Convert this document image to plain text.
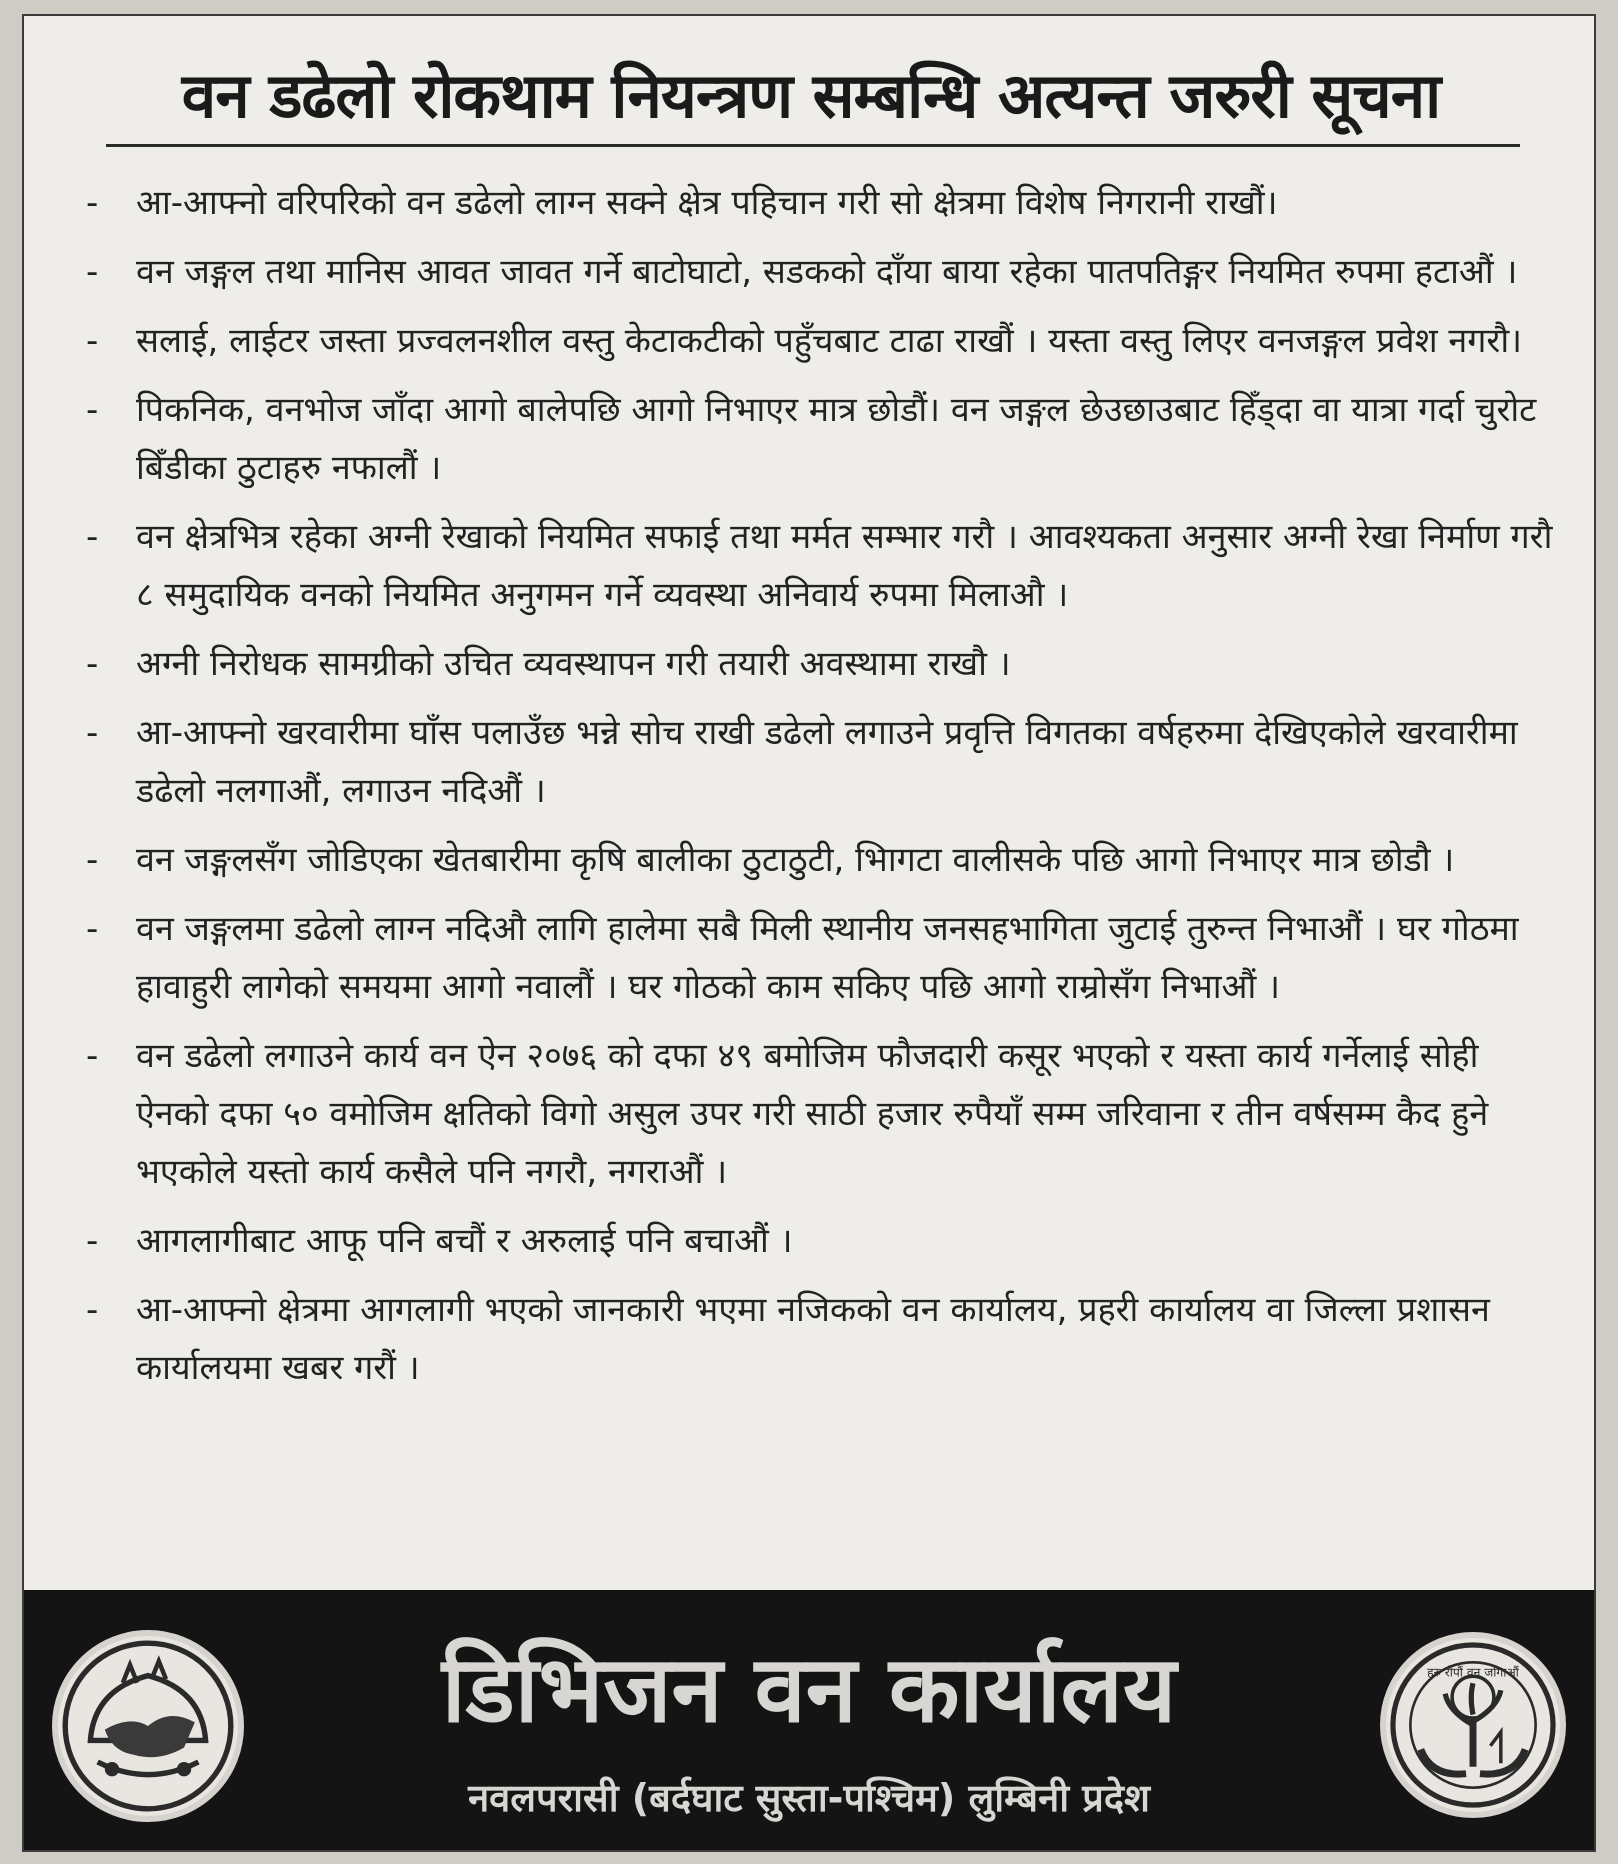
वन डढेलो रोकथाम नियन्त्रण सम्बन्धि अत्यन्त जरुरी सूचना
- आ-आफ्नो वरिपरिको वन डढेलो लाग्न सक्ने क्षेत्र पहिचान गरी सो क्षेत्रमा विशेष निगरानी राखौं।
- वन जङ्गल तथा मानिस आवत जावत गर्ने बाटोघाटो, सडकको दाँया बाया रहेका पातपतिङ्गर नियमित रुपमा हटाऔं ।
- सलाई, लाईटर जस्ता प्रज्वलनशील वस्तु केटाकटीको पहुँचबाट टाढा राखौं । यस्ता वस्तु लिएर वनजङ्गल प्रवेश नगरौ।
- पिकनिक, वनभोज जाँदा आगो बालेपछि आगो निभाएर मात्र छोडौं। वन जङ्गल छेउछाउबाट हिँड्दा वा यात्रा गर्दा चुरोट बिँडीका ठुटाहरु नफालौं ।
- वन क्षेत्रभित्र रहेका अग्नी रेखाको नियमित सफाई तथा मर्मत सम्भार गरौ । आवश्यकता अनुसार अग्नी रेखा निर्माण गरौ ८ समुदायिक वनको नियमित अनुगमन गर्ने व्यवस्था अनिवार्य रुपमा मिलाऔ ।
- अग्नी निरोधक सामग्रीको उचित व्यवस्थापन गरी तयारी अवस्थामा राखौ ।
- आ-आफ्नो खरवारीमा घाँस पलाउँछ भन्ने सोच राखी डढेलो लगाउने प्रवृत्ति विगतका वर्षहरुमा देखिएकोले खरवारीमा डढेलो नलगाऔं, लगाउन नदिऔं ।
- वन जङ्गलसँग जोडिएका खेतबारीमा कृषि बालीका ठुटाठुटी, भिागटा वालीसके पछि आगो निभाएर मात्र छोडौ ।
- वन जङ्गलमा डढेलो लाग्न नदिऔ लागि हालेमा सबै मिली स्थानीय जनसहभागिता जुटाई तुरुन्त निभाऔं । घर गोठमा हावाहुरी लागेको समयमा आगो नवालौं । घर गोठको काम सकिए पछि आगो राम्रोसँग निभाऔं ।
- वन डढेलो लगाउने कार्य वन ऐन २०७६ को दफा ४९ बमोजिम फौजदारी कसूर भएको र यस्ता कार्य गर्नेलाई सोही ऐनको दफा ५० वमोजिम क्षतिको विगो असुल उपर गरी साठी हजार रुपैयाँ सम्म जरिवाना र तीन वर्षसम्म कैद हुने भएकोले यस्तो कार्य कसैले पनि नगरौ, नगराऔं ।
- आगलागीबाट आफू पनि बचौं र अरुलाई पनि बचाऔं ।
- आ-आफ्नो क्षेत्रमा आगलागी भएको जानकारी भएमा नजिकको वन कार्यालय, प्रहरी कार्यालय वा जिल्ला प्रशासन कार्यालयमा खबर गरौं ।
डिभिजन वन कार्यालय
नवलपरासी (बर्दघाट सुस्ता-पश्चिम) लुम्बिनी प्रदेश
हरु रोपौं वन जोगाऔं
